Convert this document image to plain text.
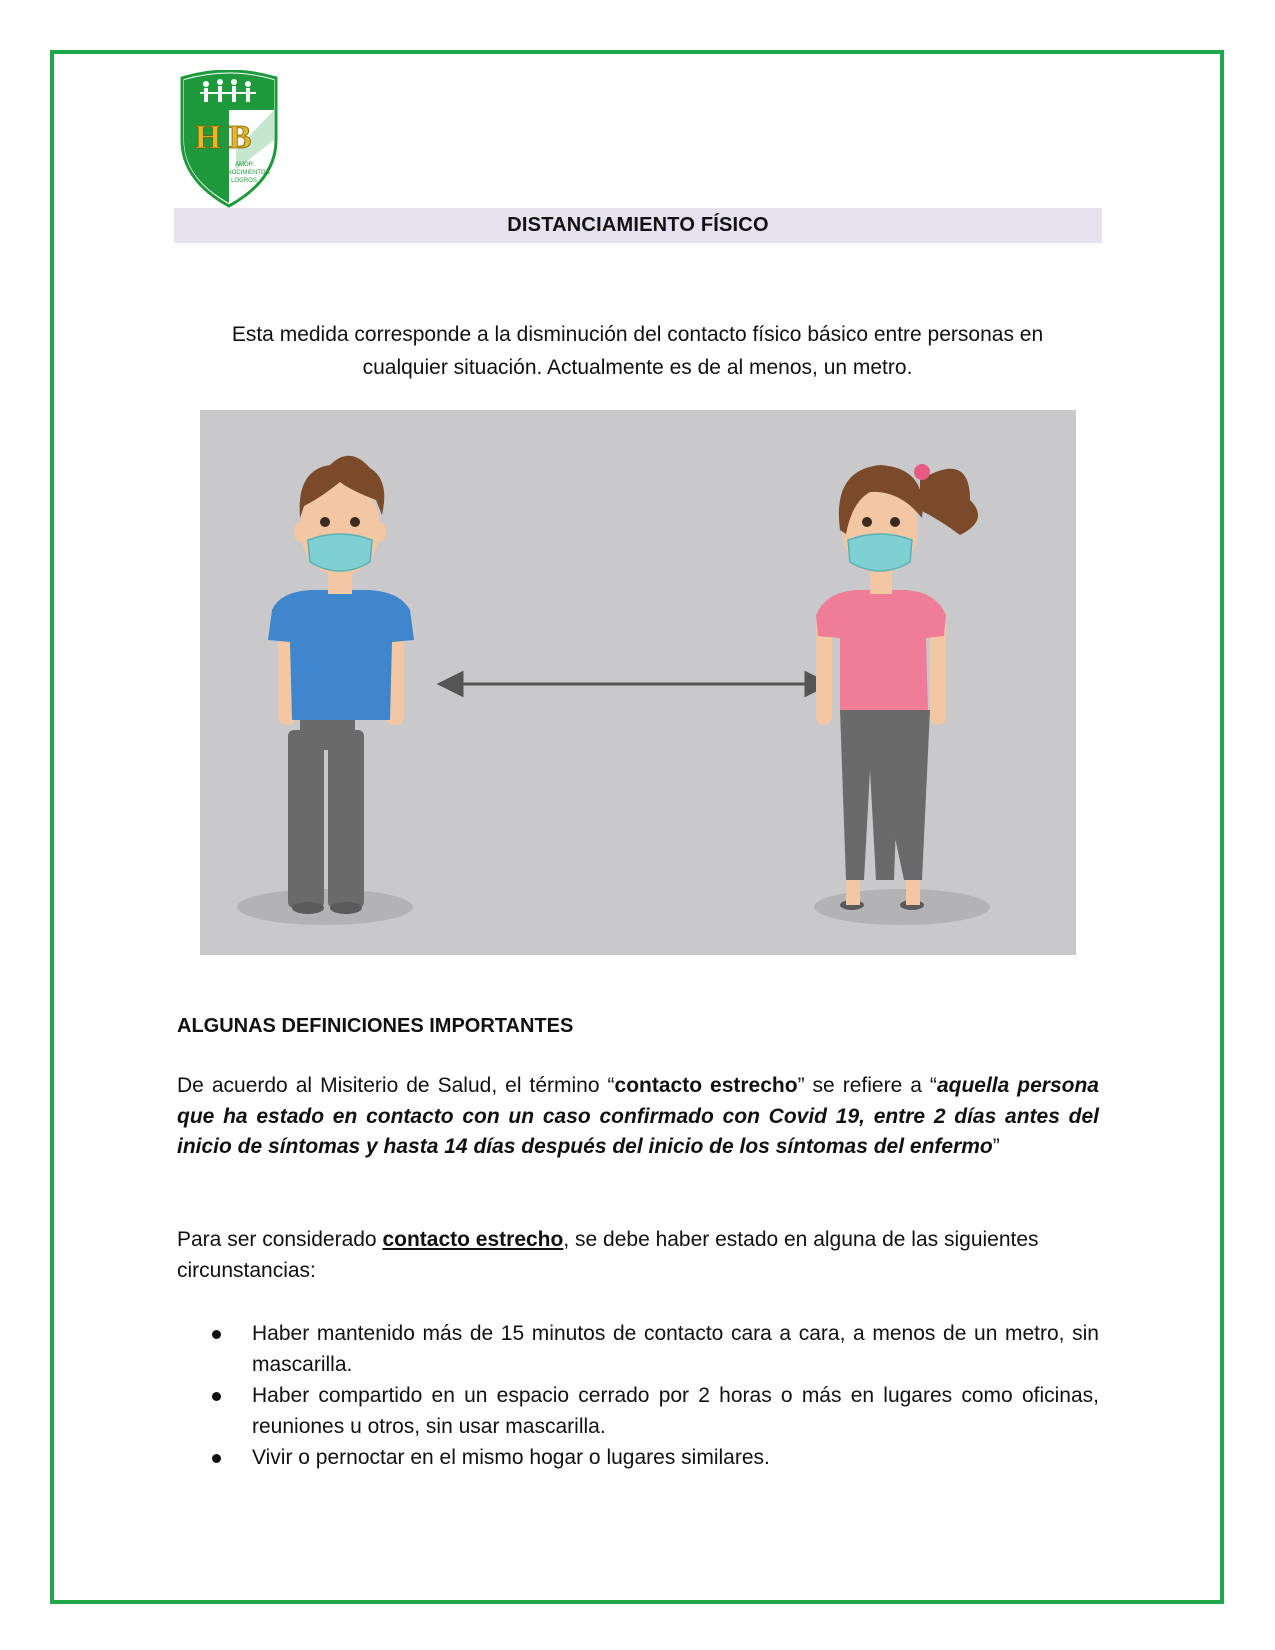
H B
AMOR
CONOCIMIENTOS
LOGROS
DISTANCIAMIENTO FÍSICO
Esta medida corresponde a la disminución del contacto físico básico entre personas en
cualquier situación. Actualmente es de al menos, un metro.
ALGUNAS DEFINICIONES IMPORTANTES
De acuerdo al Misiterio de Salud, el término “contacto estrecho” se refiere a “aquella persona que ha estado en contacto con un caso confirmado con Covid 19, entre 2 días antes del inicio de síntomas y hasta 14 días después del inicio de los síntomas del enfermo”
Para ser considerado contacto estrecho, se debe haber estado en alguna de las siguientes circunstancias:
Haber mantenido más de 15 minutos de contacto cara a cara, a menos de un metro, sin mascarilla.
Haber compartido en un espacio cerrado por 2 horas o más en lugares como oficinas, reuniones u otros, sin usar mascarilla.
Vivir o pernoctar en el mismo hogar o lugares similares.
